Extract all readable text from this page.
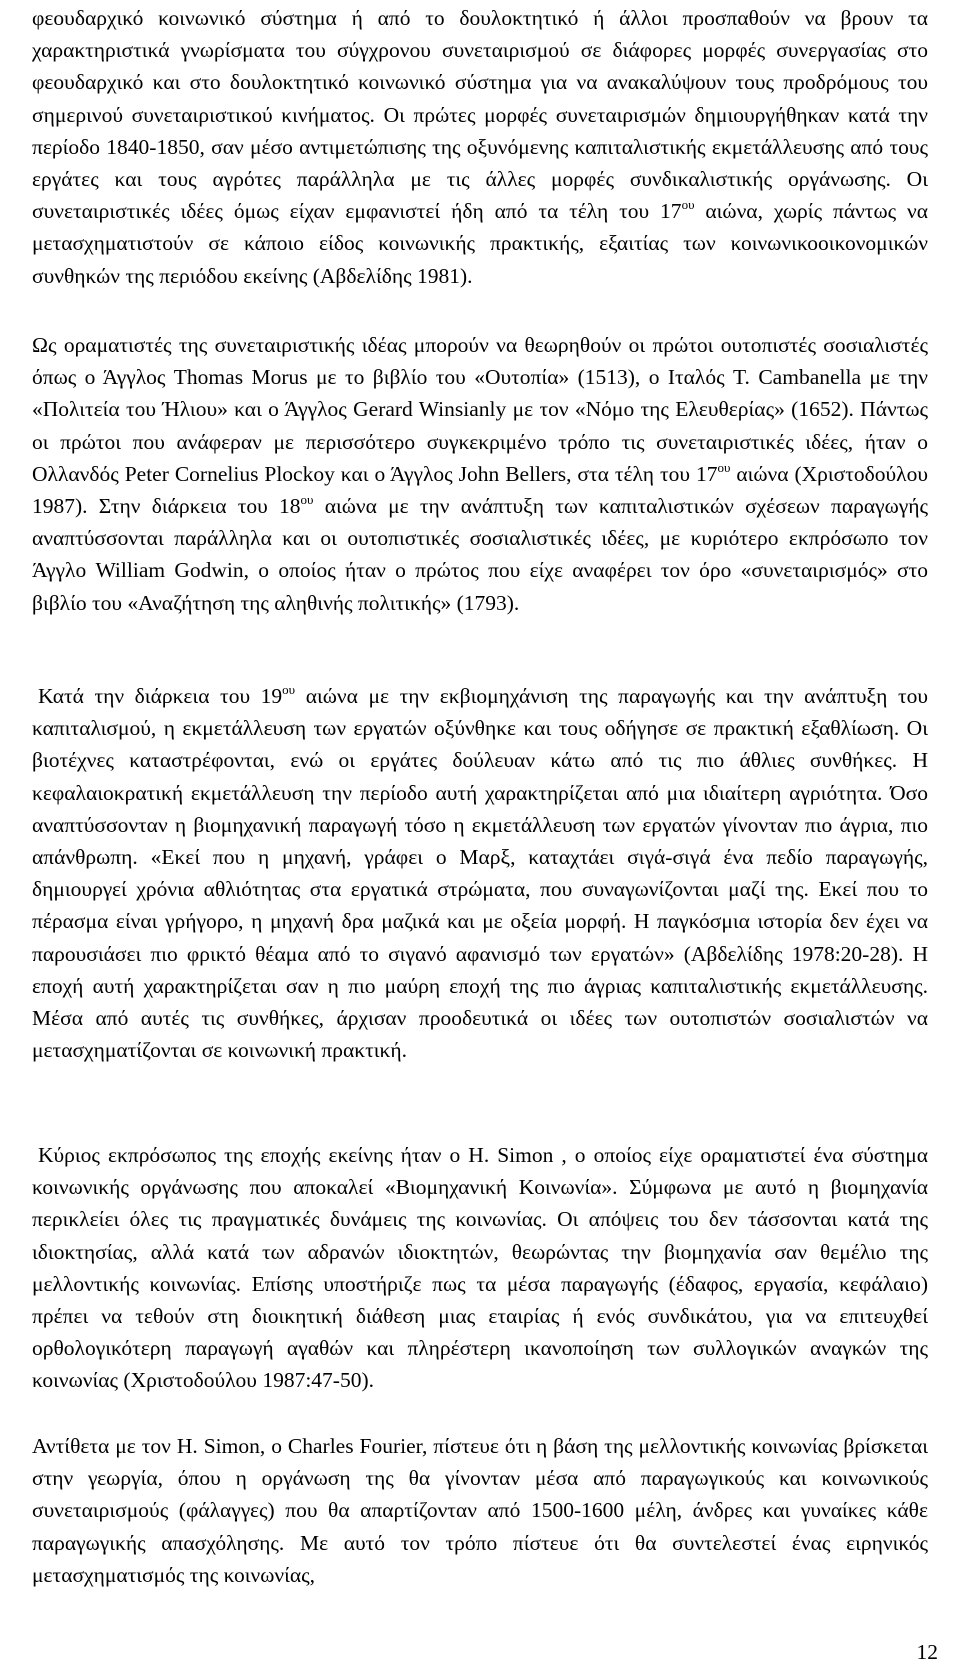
φεουδαρχικό κοινωνικό σύστημα ή από το δουλοκτητικό ή άλλοι προσπαθούν να βρουν τα χαρακτηριστικά γνωρίσματα του σύγχρονου συνεταιρισμού σε διάφορες μορφές συνεργασίας στο φεουδαρχικό και στο δουλοκτητικό κοινωνικό σύστημα για να ανακαλύψουν τους προδρόμους του σημερινού συνεταιριστικού κινήματος. Οι πρώτες μορφές συνεταιρισμών δημιουργήθηκαν κατά την περίοδο 1840-1850, σαν μέσο αντιμετώπισης της οξυνόμενης καπιταλιστικής εκμετάλλευσης από τους εργάτες και τους αγρότες παράλληλα με τις άλλες μορφές συνδικαλιστικής οργάνωσης. Οι συνεταιριστικές ιδέες όμως είχαν εμφανιστεί ήδη από τα τέλη του $17^{o\upsilon}$ αιώνα, χωρίς πάντως να μετασχηματιστούν σε κάποιο είδος κοινωνικής πρακτικής, εξαιτίας των κοινωνικοοικονομικών συνθηκών της περιόδου εκείνης (Αβδελίδης 1981).

Ως οραματιστές της συνεταιριστικής ιδέας μπορούν να θεωρηθούν οι πρώτοι ουτοπιστές σοσιαλιστές όπως ο Άγγλος Thomas Morus με το βιβλίο του «Ουτοπία» (1513), ο Ιταλός T. Cambanella με την «Πολιτεία του Ήλιου» και ο Άγγλος Gerard Winsianly με τον «Νόμο της Ελευθερίας» (1652). Πάντως οι πρώτοι που ανάφεραν με περισσότερο συγκεκριμένο τρόπο τις συνεταιριστικές ιδέες, ήταν ο Ολλανδός Peter Cornelius Plockoy και ο Άγγλος John Bellers, στα τέλη του $17^{o\upsilon}$ αιώνα (Χριστοδούλου 1987). Στην διάρκεια του $18^{o\upsilon}$ αιώνα με την ανάπτυξη των καπιταλιστικών σχέσεων παραγωγής αναπτύσσονται παράλληλα και οι ουτοπιστικές σοσιαλιστικές ιδέες, με κυριότερο εκπρόσωπο τον Άγγλο William Godwin, ο οποίος ήταν ο πρώτος που είχε αναφέρει τον όρο «συνεταιρισμός» στο βιβλίο του «Αναζήτηση της αληθινής πολιτικής» (1793).

Κατά την διάρκεια του $19^{o\upsilon}$ αιώνα με την εκβιομηχάνιση της παραγωγής και την ανάπτυξη του καπιταλισμού, η εκμετάλλευση των εργατών οξύνθηκε και τους οδήγησε σε πρακτική εξαθλίωση. Οι βιοτέχνες καταστρέφονται, ενώ οι εργάτες δούλευαν κάτω από τις πιο άθλιες συνθήκες. Η κεφαλαιοκρατική εκμετάλλευση την περίοδο αυτή χαρακτηρίζεται από μια ιδιαίτερη αγριότητα. Όσο αναπτύσσονταν η βιομηχανική παραγωγή τόσο η εκμετάλλευση των εργατών γίνονταν πιο άγρια, πιο απάνθρωπη. «Εκεί που η μηχανή, γράφει ο Μαρξ, καταχτάει σιγά-σιγά ένα πεδίο παραγωγής, δημιουργεί χρόνια αθλιότητας στα εργατικά στρώματα, που συναγωνίζονται μαζί της. Εκεί που το πέρασμα είναι γρήγορο, η μηχανή δρα μαζικά και με οξεία μορφή. Η παγκόσμια ιστορία δεν έχει να παρουσιάσει πιο φρικτό θέαμα από το σιγανό αφανισμό των εργατών» (Αβδελίδης 1978:20-28). Η εποχή αυτή χαρακτηρίζεται σαν η πιο μαύρη εποχή της πιο άγριας καπιταλιστικής εκμετάλλευσης. Μέσα από αυτές τις συνθήκες, άρχισαν προοδευτικά οι ιδέες των ουτοπιστών σοσιαλιστών να μετασχηματίζονται σε κοινωνική πρακτική.

Κύριος εκπρόσωπος της εποχής εκείνης ήταν ο H. Simon , ο οποίος είχε οραματιστεί ένα σύστημα κοινωνικής οργάνωσης που αποκαλεί «Βιομηχανική Κοινωνία». Σύμφωνα με αυτό η βιομηχανία περικλείει όλες τις πραγματικές δυνάμεις της κοινωνίας. Οι απόψεις του δεν τάσσονται κατά της ιδιοκτησίας, αλλά κατά των αδρανών ιδιοκτητών, θεωρώντας την βιομηχανία σαν θεμέλιο της μελλοντικής κοινωνίας. Επίσης υποστήριζε πως τα μέσα παραγωγής (έδαφος, εργασία, κεφάλαιο) πρέπει να τεθούν στη διοικητική διάθεση μιας εταιρίας ή ενός συνδικάτου, για να επιτευχθεί ορθολογικότερη παραγωγή αγαθών και πληρέστερη ικανοποίηση των συλλογικών αναγκών της κοινωνίας (Χριστοδούλου 1987:47-50).

Αντίθετα με τον H. Simon, ο Charles Fourier, πίστευε ότι η βάση της μελλοντικής κοινωνίας βρίσκεται στην γεωργία, όπου η οργάνωση της θα γίνονταν μέσα από παραγωγικούς και κοινωνικούς συνεταιρισμούς (φάλαγγες) που θα απαρτίζονταν από 1500-1600 μέλη, άνδρες και γυναίκες κάθε παραγωγικής απασχόλησης. Με αυτό τον τρόπο πίστευε ότι θα συντελεστεί ένας ειρηνικός μετασχηματισμός της κοινωνίας,

12
